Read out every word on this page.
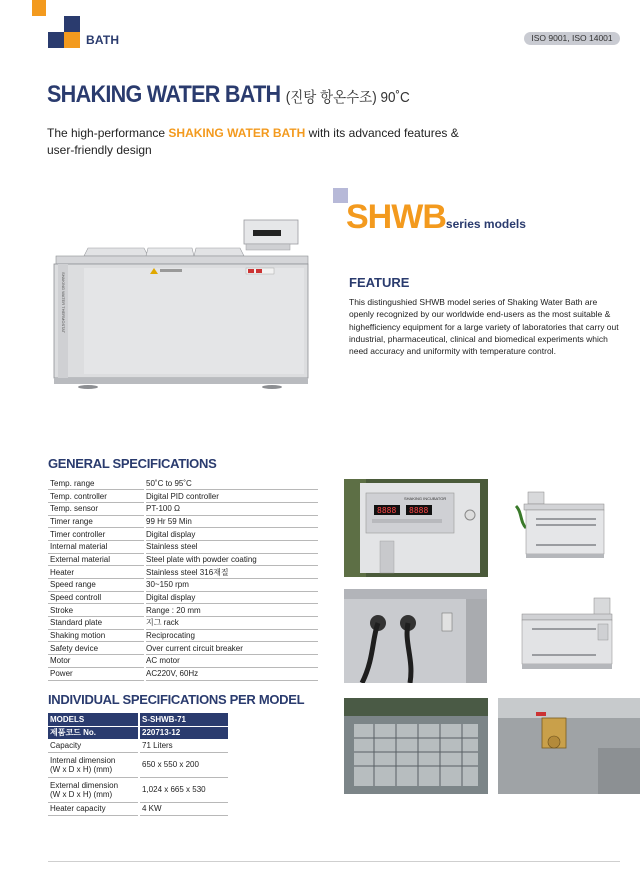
BATH	ISO 9001, ISO 14001
SHAKING WATER BATH (진탕 항온수조) 90˚C
The high-performance SHAKING WATER BATH with its advanced features & user-friendly design
SHAKING WATER THERMOSTAT
SHWBseries models
FEATURE
This distingushied SHWB model series of Shaking Water Bath are openly recognized by our worldwide end-users as the most suitable & highefficiency equipment for a large variety of laboratories that carry out industrial, pharmaceutical, clinical and biomedical experiments which need accuracy and uniformity with temperature control.
GENERAL SPECIFICATIONS
Temp. range		50˚C to 95˚C
Temp. controller		Digital PID controller
Temp. sensor		PT-100 Ω
Timer range		99 Hr 59 Min
Timer controller		Digital display
Internal material		Stainless steel
External material		Steel plate with powder coating
Heater		Stainless steel 316재질
Speed range		30~150 rpm
Speed controll		Digital display
Stroke		Range : 20 mm
Standard plate		지그 rack
Shaking motion		Reciprocating
Safety device		Over current circuit breaker
Motor		AC motor
Power		AC220V, 60Hz
INDIVIDUAL SPECIFICATIONS PER MODEL
MODELS		S-SHWB-71
제품코드 No.		220713-12

Capacity		71 Liters

Internal dimension
(W x D x H) (mm)		650 x 550 x 200

External dimension
(W x D x H) (mm)		1,024 x 665 x 530

Heater capacity		4 KW
SHAKING INCUBATOR
8888 8888
